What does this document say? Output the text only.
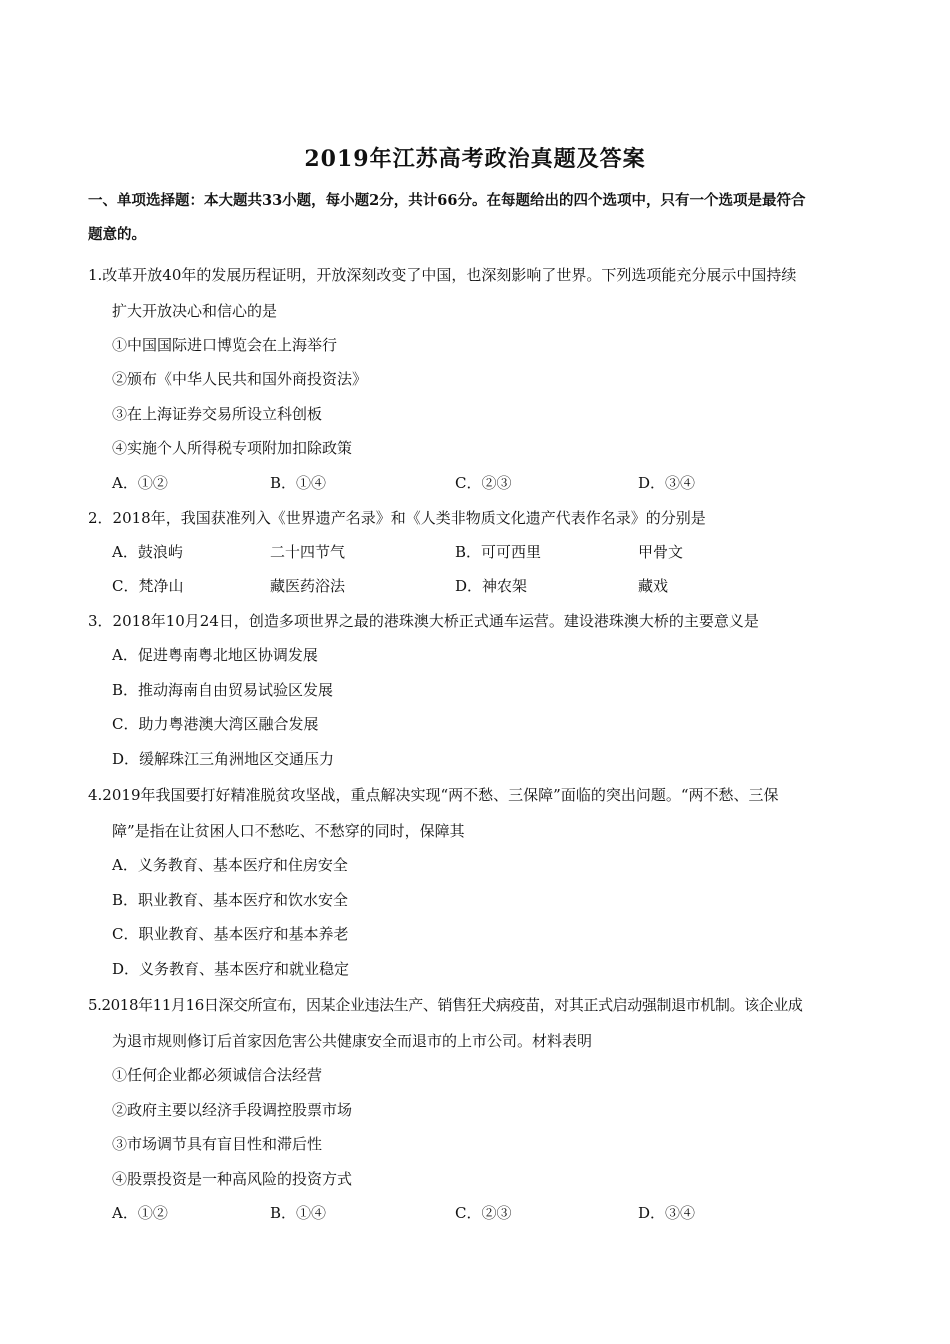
2019年江苏高考政治真题及答案
一、单项选择题：本大题共33小题，每小题2分，共计66分。在每题给出的四个选项中，只有一个选项是最符合
题意的。
1.改革开放40年的发展历程证明，开放深刻改变了中国，也深刻影响了世界。下列选项能充分展示中国持续
扩大开放决心和信心的是
①中国国际进口博览会在上海举行
②颁布《中华人民共和国外商投资法》
③在上海证券交易所设立科创板
④实施个人所得税专项附加扣除政策
A．①②	B．①④	C．②③	D．③④
2．2018年，我国获准列入《世界遗产名录》和《人类非物质文化遗产代表作名录》的分别是
A．鼓浪屿	二十四节气	B．可可西里	甲骨文
C．梵净山	藏医药浴法	D．神农架	藏戏
3．2018年10月24日，创造多项世界之最的港珠澳大桥正式通车运营。建设港珠澳大桥的主要意义是
A．促进粤南粤北地区协调发展
B．推动海南自由贸易试验区发展
C．助力粤港澳大湾区融合发展
D．缓解珠江三角洲地区交通压力
4.2019年我国要打好精准脱贫攻坚战，重点解决实现“两不愁、三保障”面临的突出问题。“两不愁、三保
障”是指在让贫困人口不愁吃、不愁穿的同时，保障其
A．义务教育、基本医疗和住房安全
B．职业教育、基本医疗和饮水安全
C．职业教育、基本医疗和基本养老
D．义务教育、基本医疗和就业稳定
5.2018年11月16日深交所宣布，因某企业违法生产、销售狂犬病疫苗，对其正式启动强制退市机制。该企业成
为退市规则修订后首家因危害公共健康安全而退市的上市公司。材料表明
①任何企业都必须诚信合法经营
②政府主要以经济手段调控股票市场
③市场调节具有盲目性和滞后性
④股票投资是一种高风险的投资方式
A．①②	B．①④	C．②③	D．③④
